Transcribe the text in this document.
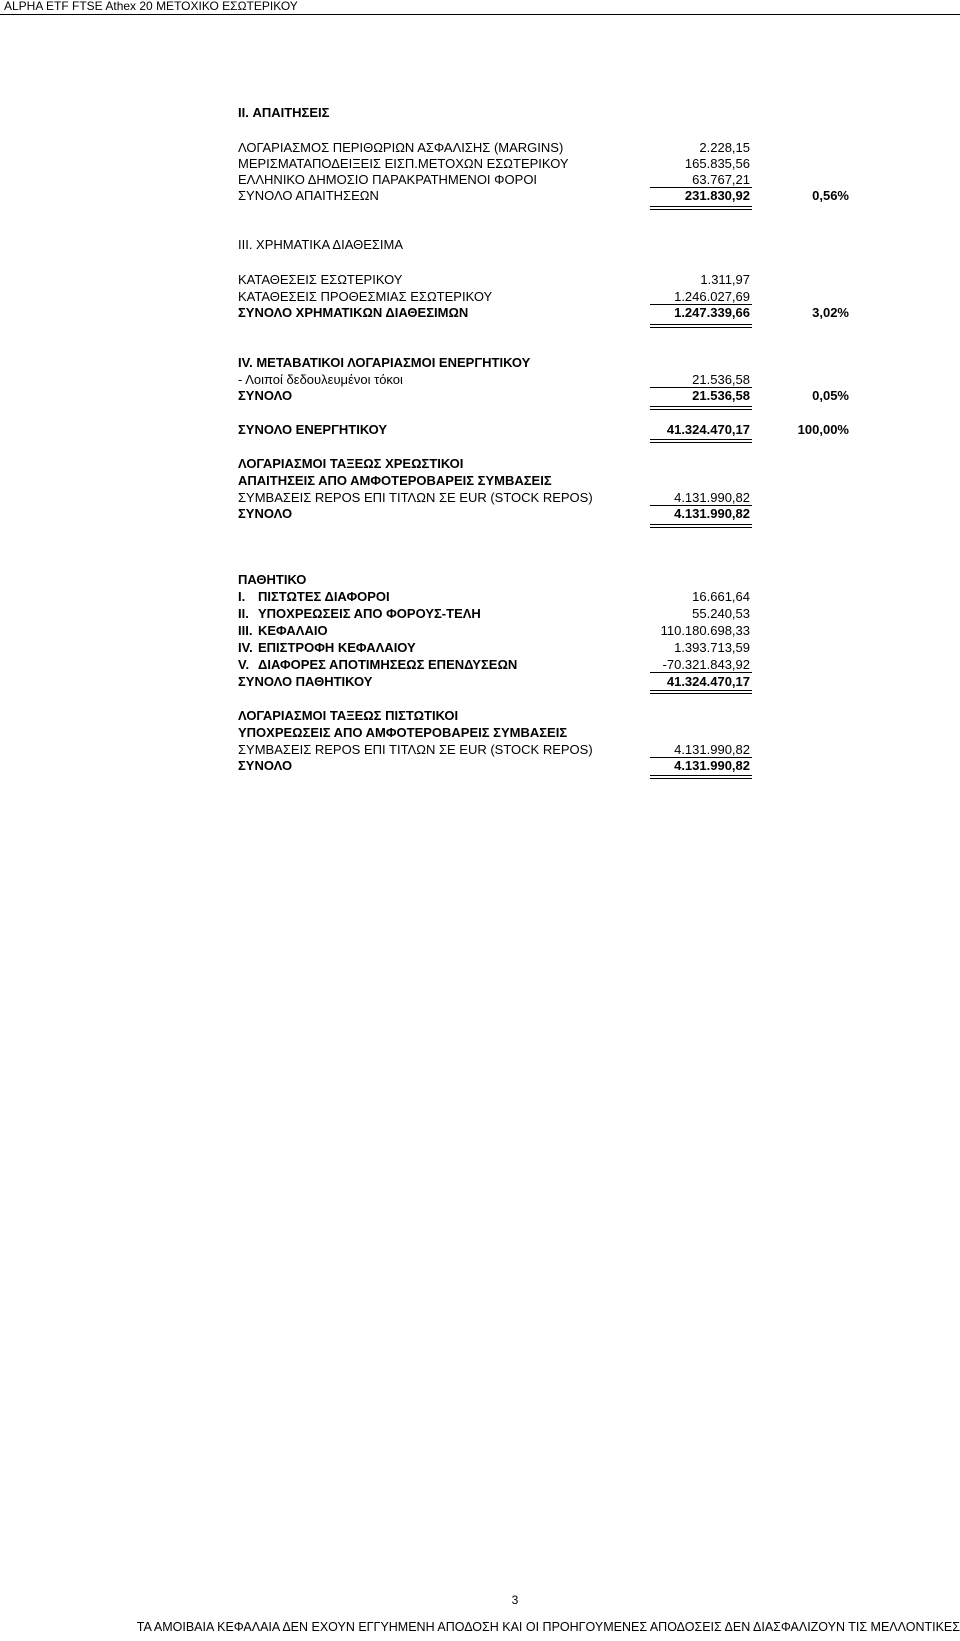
ALPHA ETF FTSE Athex 20 ΜΕΤΟΧΙΚΟ ΕΣΩΤΕΡΙΚΟΥ
II. ΑΠΑΙΤΗΣΕΙΣ
ΛΟΓΑΡΙΑΣΜΟΣ ΠΕΡΙΘΩΡΙΩΝ ΑΣΦΑΛΙΣΗΣ (MARGINS)	2.228,15
ΜΕΡΙΣΜΑΤΑΠΟΔΕΙΞΕΙΣ ΕΙΣΠ.ΜΕΤΟΧΩΝ ΕΣΩΤΕΡΙΚΟΥ	165.835,56
ΕΛΛΗΝΙΚΟ ΔΗΜΟΣΙΟ ΠΑΡΑΚΡΑΤΗΜΕΝΟΙ ΦΟΡΟΙ	63.767,21
ΣΥΝΟΛΟ ΑΠΑΙΤΗΣΕΩΝ	231.830,92	0,56%
III. ΧΡΗΜΑΤΙΚΑ ΔΙΑΘΕΣΙΜΑ
ΚΑΤΑΘΕΣΕΙΣ ΕΣΩΤΕΡΙΚΟΥ	1.311,97
ΚΑΤΑΘΕΣΕΙΣ ΠΡΟΘΕΣΜΙΑΣ ΕΣΩΤΕΡΙΚΟΥ	1.246.027,69
ΣΥΝΟΛΟ ΧΡΗΜΑΤΙΚΩΝ ΔΙΑΘΕΣΙΜΩΝ	1.247.339,66	3,02%
IV. ΜΕΤΑΒΑΤΙΚΟΙ ΛΟΓΑΡΙΑΣΜΟΙ ΕΝΕΡΓΗΤΙΚΟΥ
- Λοιποί δεδουλευμένοι τόκοι	21.536,58
ΣΥΝΟΛΟ	21.536,58	0,05%
ΣΥΝΟΛΟ ΕΝΕΡΓΗΤΙΚΟΥ	41.324.470,17	100,00%
ΛΟΓΑΡΙΑΣΜΟΙ ΤΑΞΕΩΣ ΧΡΕΩΣΤΙΚΟΙ
ΑΠΑΙΤΗΣΕΙΣ ΑΠΟ ΑΜΦΟΤΕΡΟΒΑΡΕΙΣ ΣΥΜΒΑΣΕΙΣ
ΣΥΜΒΑΣΕΙΣ REPOS ΕΠΙ ΤΙΤΛΩΝ ΣΕ EUR (STOCK REPOS)	4.131.990,82
ΣΥΝΟΛΟ	4.131.990,82
ΠΑΘΗΤΙΚΟ
I. ΠΙΣΤΩΤΕΣ ΔΙΑΦΟΡΟΙ	16.661,64
II. ΥΠΟΧΡΕΩΣΕΙΣ ΑΠΟ ΦΟΡΟΥΣ-ΤΕΛΗ	55.240,53
III. ΚΕΦΑΛΑΙΟ	110.180.698,33
IV. ΕΠΙΣΤΡΟΦΗ ΚΕΦΑΛΑΙΟΥ	1.393.713,59
V. ΔΙΑΦΟΡΕΣ ΑΠΟΤΙΜΗΣΕΩΣ ΕΠΕΝΔΥΣΕΩΝ	-70.321.843,92
ΣΥΝΟΛΟ ΠΑΘΗΤΙΚΟΥ	41.324.470,17
ΛΟΓΑΡΙΑΣΜΟΙ ΤΑΞΕΩΣ ΠΙΣΤΩΤΙΚΟΙ
ΥΠΟΧΡΕΩΣΕΙΣ ΑΠΟ ΑΜΦΟΤΕΡΟΒΑΡΕΙΣ ΣΥΜΒΑΣΕΙΣ
ΣΥΜΒΑΣΕΙΣ REPOS ΕΠΙ ΤΙΤΛΩΝ ΣΕ EUR (STOCK REPOS)	4.131.990,82
ΣΥΝΟΛΟ	4.131.990,82
3
ΤΑ ΑΜΟΙΒΑΙΑ ΚΕΦΑΛΑΙΑ ΔΕΝ ΕΧΟΥΝ ΕΓΓΥΗΜΕΝΗ ΑΠΟΔΟΣΗ ΚΑΙ ΟΙ ΠΡΟΗΓΟΥΜΕΝΕΣ ΑΠΟΔΟΣΕΙΣ ΔΕΝ ΔΙΑΣΦΑΛΙΖΟΥΝ ΤΙΣ ΜΕΛΛΟΝΤΙΚΕΣ
